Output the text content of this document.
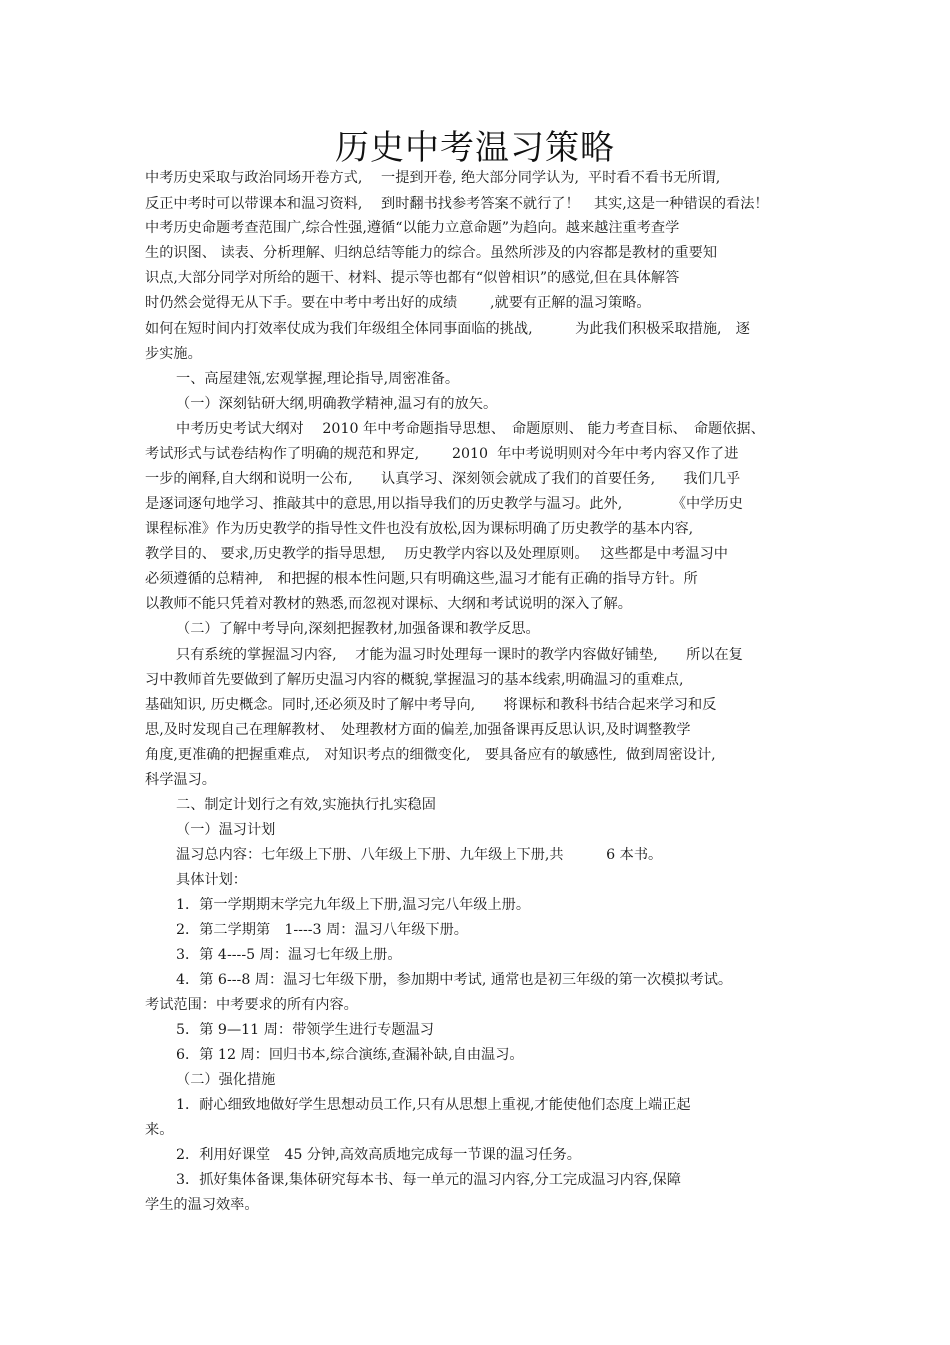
历史中考温习策略
中考历史采取与政治同场开卷方式,　 一提到开卷, 绝大部分同学认为,  平时看不看书无所谓,
反正中考时可以带课本和温习资料,　 到时翻书找参考答案不就行了！　其实,这是一种错误的看法！
中考历史命题考查范围广,综合性强,遵循“以能力立意命题”为趋向。越来越注重考查学
生的识图、 读表、分析理解、归纳总结等能力的综合。虽然所涉及的内容都是教材的重要知
识点,大部分同学对所给的题干、材料、提示等也都有“似曾相识”的感觉,但在具体解答
时仍然会觉得无从下手。要在中考中考出好的成绩　　 ,就要有正解的温习策略。
如何在短时间内打效率仗成为我们年级组全体同事面临的挑战,　　　为此我们积极采取措施,　逐
步实施。
一、高屋建瓴,宏观掌握,理论指导,周密准备。
（一）深刻钻研大纲,明确教学精神,温习有的放矢。
中考历史考试大纲对　 2010 年中考命题指导思想、　命题原则、 能力考查目标、　命题依据、
考试形式与试卷结构作了明确的规范和界定,　　 2010  年中考说明则对今年中考内容又作了进
一步的阐释,自大纲和说明一公布,　　认真学习、深刻领会就成了我们的首要任务,　　我们几乎
是逐词逐句地学习、推敲其中的意思,用以指导我们的历史教学与温习。此外,　　　　《中学历史
课程标准》作为历史教学的指导性文件也没有放松,因为课标明确了历史教学的基本内容,
教学目的、 要求,历史教学的指导思想,　 历史教学内容以及处理原则。　 这些都是中考温习中
必须遵循的总精神,　和把握的根本性问题,只有明确这些,温习才能有正确的指导方针。所
以教师不能只凭着对教材的熟悉,而忽视对课标、大纲和考试说明的深入了解。
（二）了解中考导向,深刻把握教材,加强备课和教学反思。
只有系统的掌握温习内容,　 才能为温习时处理每一课时的教学内容做好铺垫,　　所以在复
习中教师首先要做到了解历史温习内容的概貌,掌握温习的基本线索,明确温习的重难点,
基础知识, 历史概念。同时,还必须及时了解中考导向,　　将课标和教科书结合起来学习和反
思,及时发现自己在理解教材、　处理教材方面的偏差,加强备课再反思认识,及时调整教学
角度,更准确的把握重难点,　对知识考点的细微变化,　要具备应有的敏感性,  做到周密设计,
科学温习。
二、制定计划行之有效,实施执行扎实稳固
（一）温习计划
温习总内容：七年级上下册、八年级上下册、九年级上下册,共　　　6 本书。
具体计划：
1．第一学期期末学完九年级上下册,温习完八年级上册。
2．第二学期第　1----3 周：温习八年级下册。
3．第 4----5 周：温习七年级上册。
4．第 6---8 周：温习七年级下册，参加期中考试, 通常也是初三年级的第一次模拟考试。
考试范围：中考要求的所有内容。
5．第 9—11 周：带领学生进行专题温习
6．第 12 周：回归书本,综合演练,查漏补缺,自由温习。
（二）强化措施
1．耐心细致地做好学生思想动员工作,只有从思想上重视,才能使他们态度上端正起
来。
2．利用好课堂　45 分钟,高效高质地完成每一节课的温习任务。
3．抓好集体备课,集体研究每本书、每一单元的温习内容,分工完成温习内容,保障
学生的温习效率。
